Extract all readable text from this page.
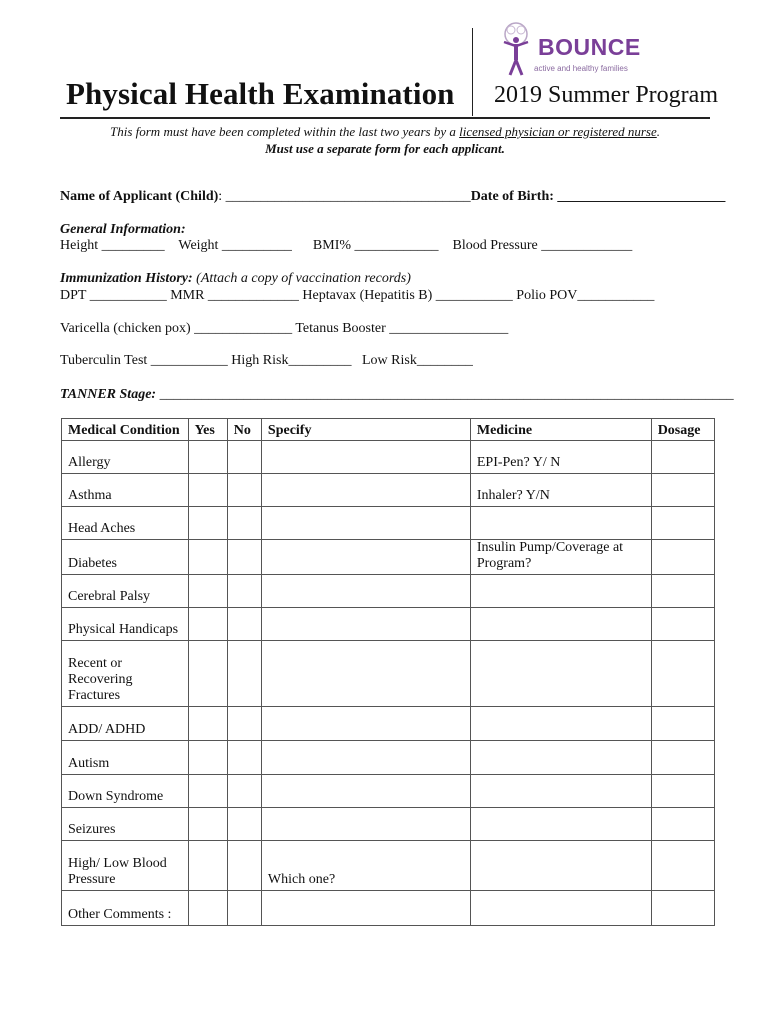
BOUNCE
active and healthy families
Physical Health Examination 2019 Summer Program
This form must have been completed within the last two years by a licensed physician or registered nurse.
Must use a separate form for each applicant.
Name of Applicant (Child): ___________________________________Date of Birth: ________________________
General Information:
Height _________    Weight __________      BMI% ____________    Blood Pressure _____________
Immunization History: (Attach a copy of vaccination records)
DPT ___________ MMR _____________ Heptavax (Hepatitis B) ___________ Polio POV___________
Varicella (chicken pox) ______________ Tetanus Booster _________________
Tuberculin Test ___________ High Risk_________   Low Risk________
TANNER Stage: __________________________________________________________________________________
Medical Condition	Yes	No	Specify	Medicine	Dosage
Allergy				EPI-Pen? Y/ N	
Asthma				Inhaler? Y/N	
Head Aches					
Diabetes				Insulin Pump/Coverage at Program?	
Cerebral Palsy					
Physical Handicaps					
Recent or Recovering Fractures					
ADD/ ADHD					
Autism					
Down Syndrome					
Seizures					
High/ Low Blood Pressure			Which one?		
Other Comments :					
